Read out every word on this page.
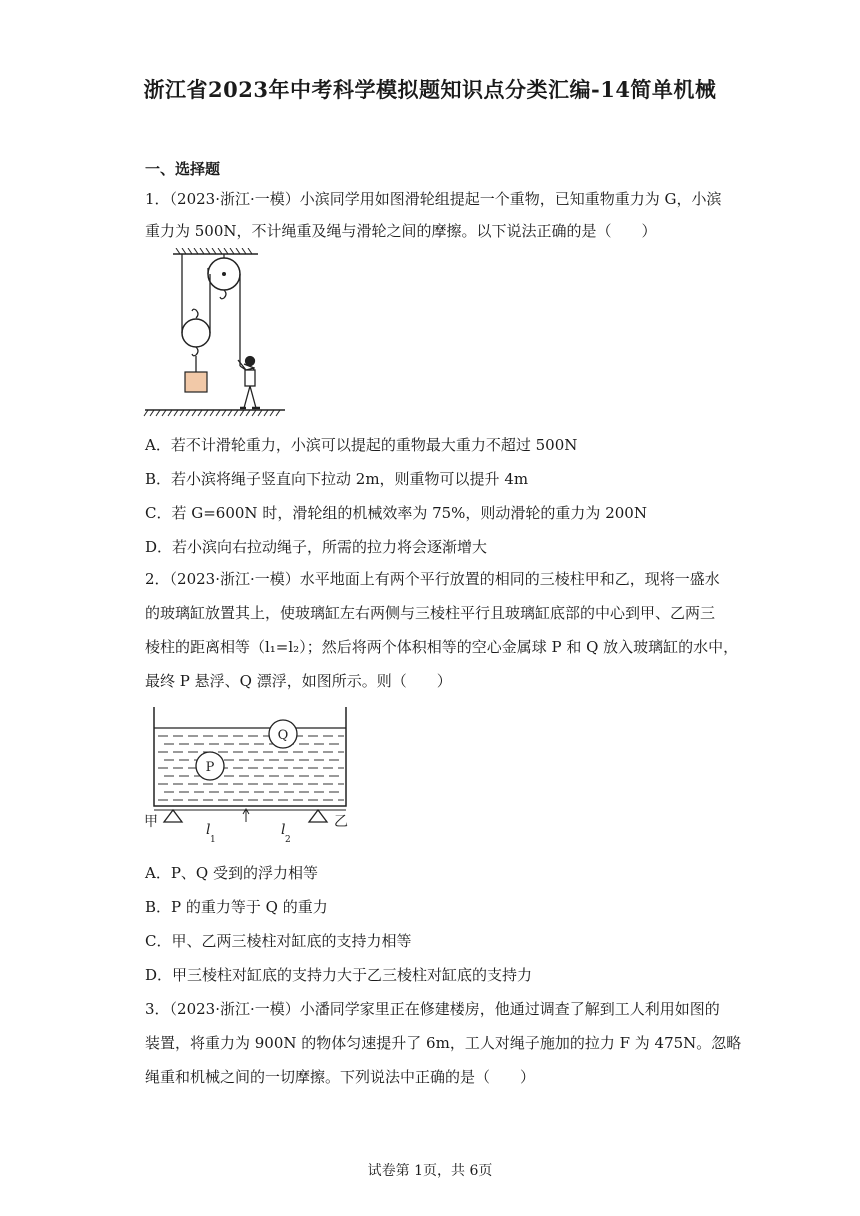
浙江省2023年中考科学模拟题知识点分类汇编-14简单机械
一、选择题
1．（2023·浙江·一模）小滨同学用如图滑轮组提起一个重物，已知重物重力为 G，小滨
重力为 500N，不计绳重及绳与滑轮之间的摩擦。以下说法正确的是（　　）
A．若不计滑轮重力，小滨可以提起的重物最大重力不超过 500N
B．若小滨将绳子竖直向下拉动 2m，则重物可以提升 4m
C．若 G=600N 时，滑轮组的机械效率为 75%，则动滑轮的重力为 200N
D．若小滨向右拉动绳子，所需的拉力将会逐渐增大
2．（2023·浙江·一模）水平地面上有两个平行放置的相同的三棱柱甲和乙，现将一盛水
的玻璃缸放置其上，使玻璃缸左右两侧与三棱柱平行且玻璃缸底部的中心到甲、乙两三
棱柱的距离相等（l₁=l₂）；然后将两个体积相等的空心金属球 P 和 Q 放入玻璃缸的水中，
最终 P 悬浮、Q 漂浮，如图所示。则（　　）
Q
P
甲	乙
l
1
l
2
A．P、Q 受到的浮力相等
B．P 的重力等于 Q 的重力
C．甲、乙两三棱柱对缸底的支持力相等
D．甲三棱柱对缸底的支持力大于乙三棱柱对缸底的支持力
3．（2023·浙江·一模）小潘同学家里正在修建楼房，他通过调查了解到工人利用如图的
装置，将重力为 900N 的物体匀速提升了 6m，工人对绳子施加的拉力 F 为 475N。忽略
绳重和机械之间的一切摩擦。下列说法中正确的是（　　）
试卷第 1页，共 6页
